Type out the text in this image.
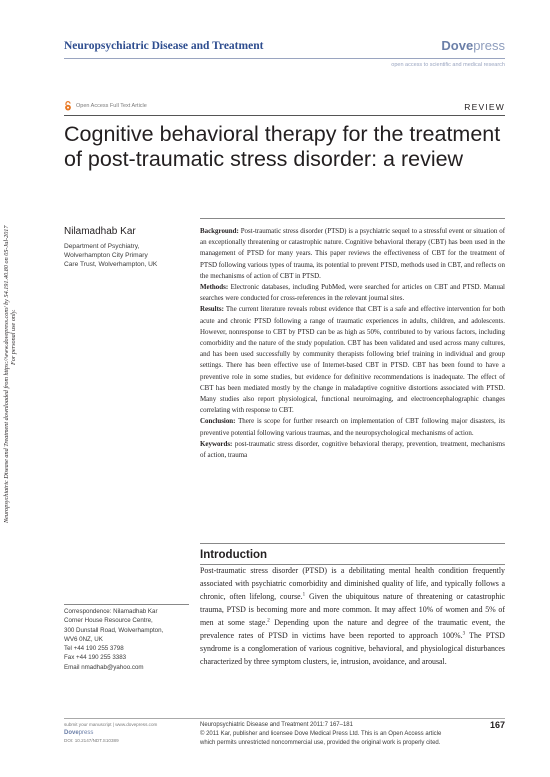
Neuropsychiatric Disease and Treatment	Dovepress
open access to scientific and medical research
Open Access Full Text Article	REVIEW
Cognitive behavioral therapy for the treatment
of post-traumatic stress disorder: a review
Neuropsychiatric Disease and Treatment downloaded from https://www.dovepress.com/ by 54.191.40.80 on 05-Jul-2017 For personal use only.
Nilamadhab Kar
Department of Psychiatry,
Wolverhampton City Primary
Care Trust, Wolverhampton, UK

Background: Post-traumatic stress disorder (PTSD) is a psychiatric sequel to a stressful event or situation of an exceptionally threatening or catastrophic nature. Cognitive behavioral therapy (CBT) has been used in the management of PTSD for many years. This paper reviews the effectiveness of CBT for the treatment of PTSD following various types of trauma, its potential to prevent PTSD, methods used in CBT, and reflects on the mechanisms of action of CBT in PTSD.

Methods: Electronic databases, including PubMed, were searched for articles on CBT and PTSD. Manual searches were conducted for cross-references in the relevant journal sites.

Results: The current literature reveals robust evidence that CBT is a safe and effective intervention for both acute and chronic PTSD following a range of traumatic experiences in adults, children, and adolescents. However, nonresponse to CBT by PTSD can be as high as 50%, contributed to by various factors, including comorbidity and the nature of the study population. CBT has been validated and used across many cultures, and has been used successfully by community therapists following brief training in individual and group settings. There has been effective use of Internet-based CBT in PTSD. CBT has been found to have a preventive role in some studies, but evidence for definitive recommendations is inadequate. The effect of CBT has been mediated mostly by the change in maladaptive cognitive distortions associated with PTSD. Many studies also report physiological, functional neuroimaging, and electroencephalographic changes correlating with response to CBT.

Conclusion: There is scope for further research on implementation of CBT following major disasters, its preventive potential following various traumas, and the neuropsychological mechanisms of action.

Keywords: post-traumatic stress disorder, cognitive behavioral therapy, prevention, treatment, mechanisms of action, trauma

Introduction

Post-traumatic stress disorder (PTSD) is a debilitating mental health condition frequently associated with psychiatric comorbidity and diminished quality of life, and typically follows a chronic, often lifelong, course.$^1$ Given the ubiquitous nature of threatening or catastrophic trauma, PTSD is becoming more and more common. It may affect 10% of women and 5% of men at some stage.$^2$ Depending upon the nature and degree of the traumatic event, the prevalence rates of PTSD in victims have been reported to approach 100%.$^3$ The PTSD syndrome is a conglomeration of various cognitive, behavioral, and physiological disturbances characterized by three symptom clusters, ie, intrusion, avoidance, and arousal.

Correspondence: Nilamadhab Kar
Corner House Resource Centre,
300 Dunstall Road, Wolverhampton,
WV6 0NZ, UK
Tel +44 190 255 3798
Fax +44 190 255 3383
Email nmadhab@yahoo.com
submit your manuscript | www.dovepress.com
Dovepress
DOI: 10.2147/NDT.S10389
Neuropsychiatric Disease and Treatment 2011:7 167–181
© 2011 Kar, publisher and licensee Dove Medical Press Ltd. This is an Open Access article
which permits unrestricted noncommercial use, provided the original work is properly cited.
167
